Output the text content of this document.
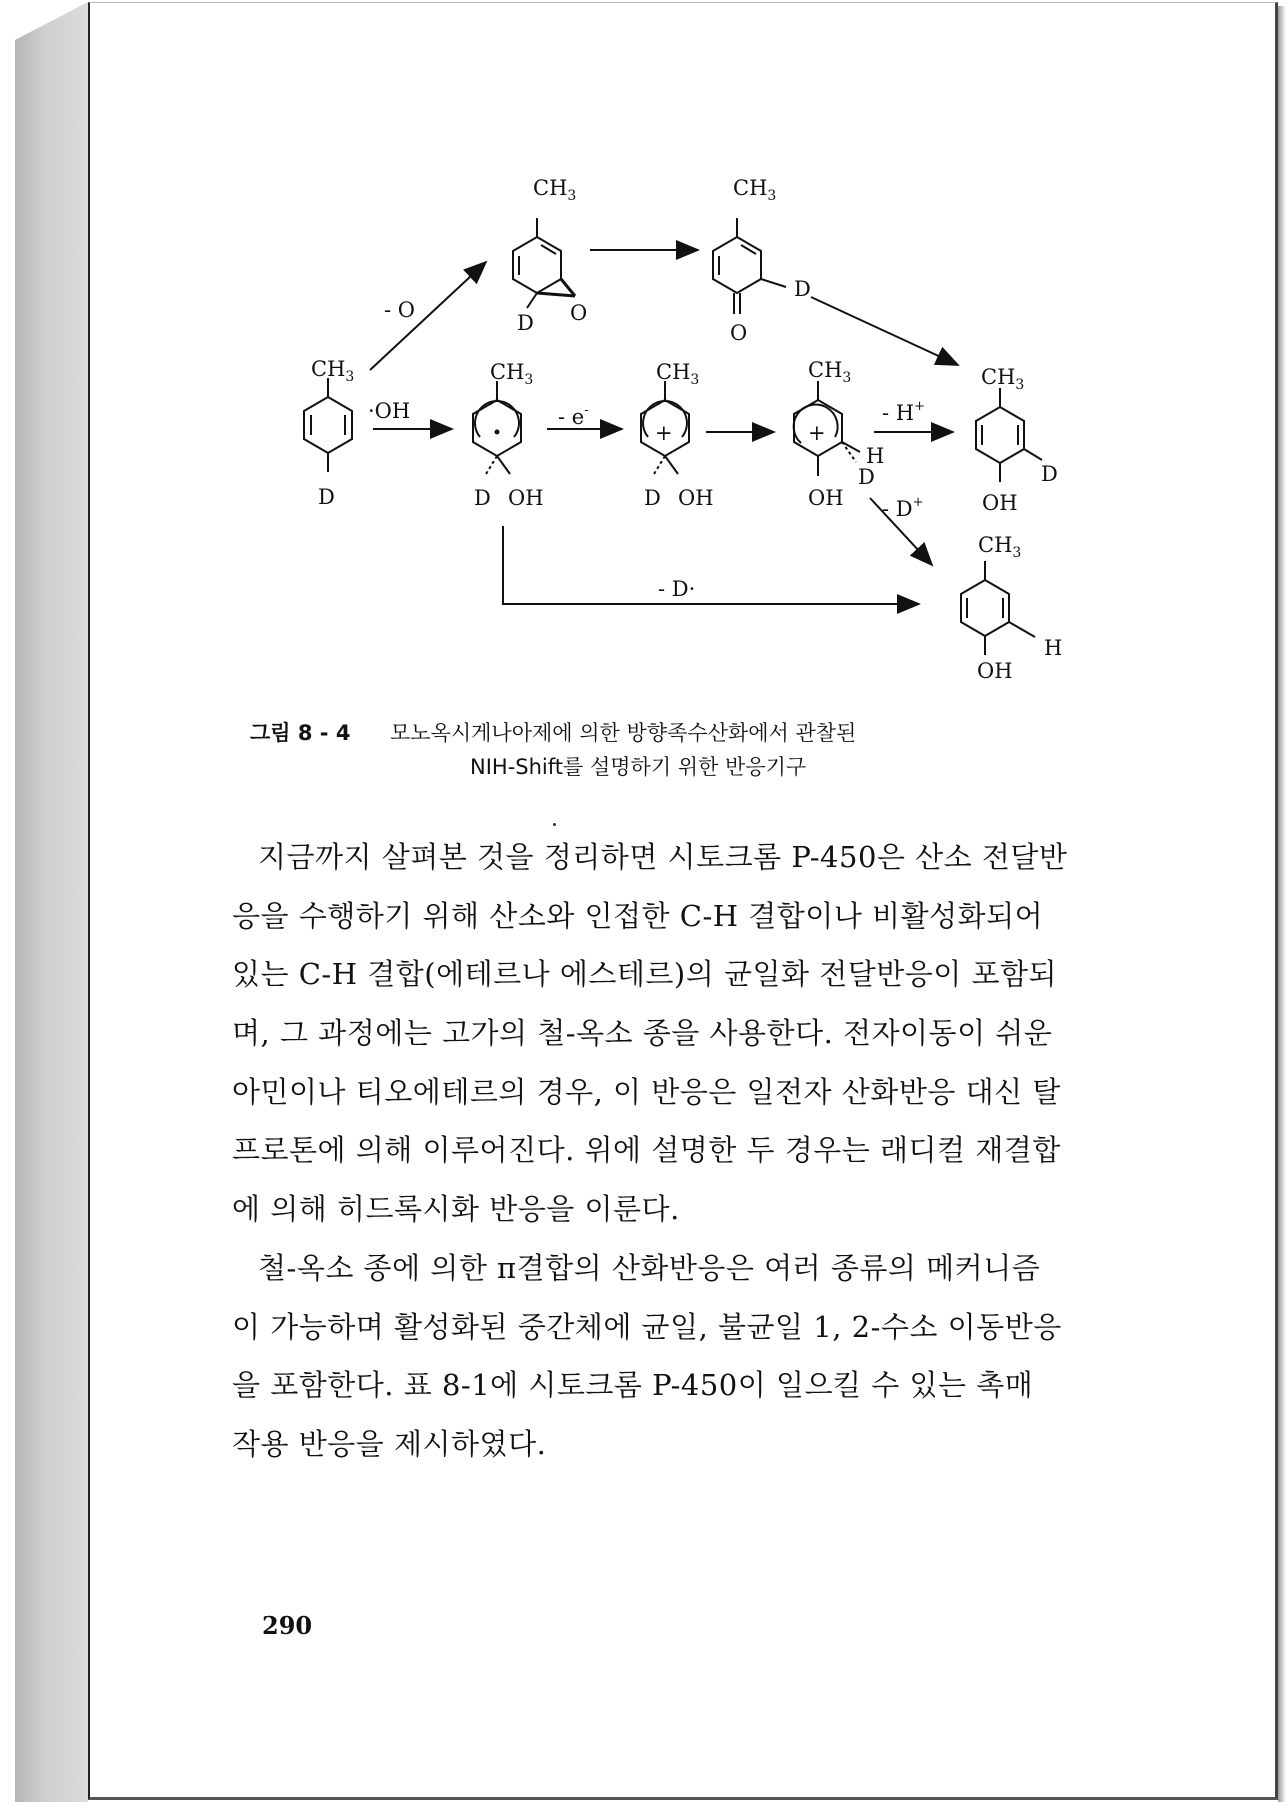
$CH_3$
D
- O
$CH_3$
D O
$CH_3$
D
O
·OH
$CH_3$
D OH
- e-
$CH_3$
+
D OH
$CH_3$
+
H
D
OH
- H+
- D+
$CH_3$
D
OH
$CH_3$
H
OH
- D·
그림 8 - 4 모노옥시게나아제에 의한 방향족수산화에서 관찰된
NIH-Shift를 설명하기 위한 반응기구
지금까지 살펴본 것을 정리하면 시토크롬 P-450은 산소 전달반
응을 수행하기 위해 산소와 인접한 C-H 결합이나 비활성화되어
있는 C-H 결합(에테르나 에스테르)의 균일화 전달반응이 포함되
며, 그 과정에는 고가의 철-옥소 종을 사용한다. 전자이동이 쉬운
아민이나 티오에테르의 경우, 이 반응은 일전자 산화반응 대신 탈
프로톤에 의해 이루어진다. 위에 설명한 두 경우는 래디컬 재결합
에 의해 히드록시화 반응을 이룬다.
철-옥소 종에 의한 π결합의 산화반응은 여러 종류의 메커니즘
이 가능하며 활성화된 중간체에 균일, 불균일 1, 2-수소 이동반응
을 포함한다. 표 8-1에 시토크롬 P-450이 일으킬 수 있는 촉매
작용 반응을 제시하였다.
290
